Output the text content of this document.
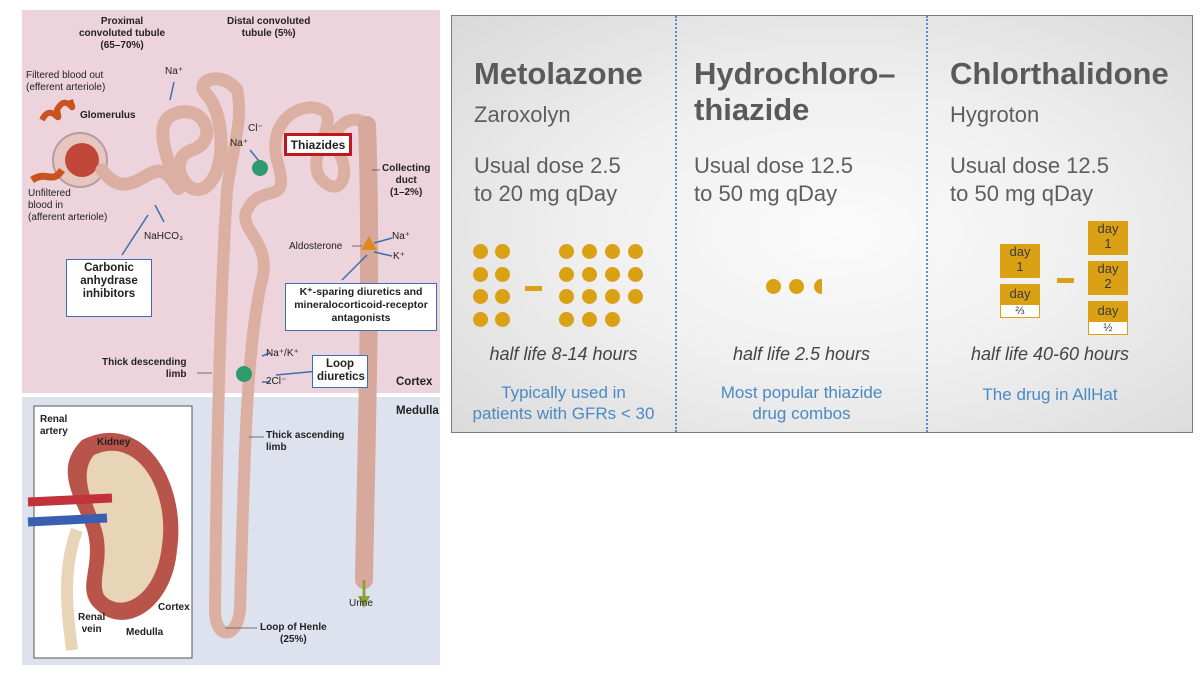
Proximal
convoluted tubule
(65–70%)
Distal convoluted
tubule (5%)
Filtered blood out
(efferent arteriole)
Glomerulus
Unfiltered
blood in
(afferent arteriole)
Na⁺
Cl⁻
Na⁺	Thiazides
Collecting
duct
(1–2%)
NaHCO₃
Carbonic
anhydrase
inhibitors
Aldosterone
Na⁺
K⁺
K⁺-sparing diuretics and
mineralocorticoid-receptor
antagonists
Thick descending
limb
Na⁺/K⁺
2Cl⁻
Loop
diuretics	Cortex
Medulla
Renal
artery
Kidney
Thick ascending
limb
Renal
vein
Cortex
Medulla
Urine
Loop of Henle
(25%)
Metolazone
Zaroxolyn
Usual dose 2.5
to 20 mg qDay
half life 8-14 hours
Typically used in
patients with GFRs < 30
Hydrochloro–
thiazide
Usual dose 12.5
to 50 mg qDay
half life 2.5 hours
Most popular thiazide
drug combos
Chlorthalidone
Hygroton
Usual dose 12.5
to 50 mg qDay
day
1
day
⅔
day
1
day
2
day
½
half life 40-60 hours
The drug in AllHat
